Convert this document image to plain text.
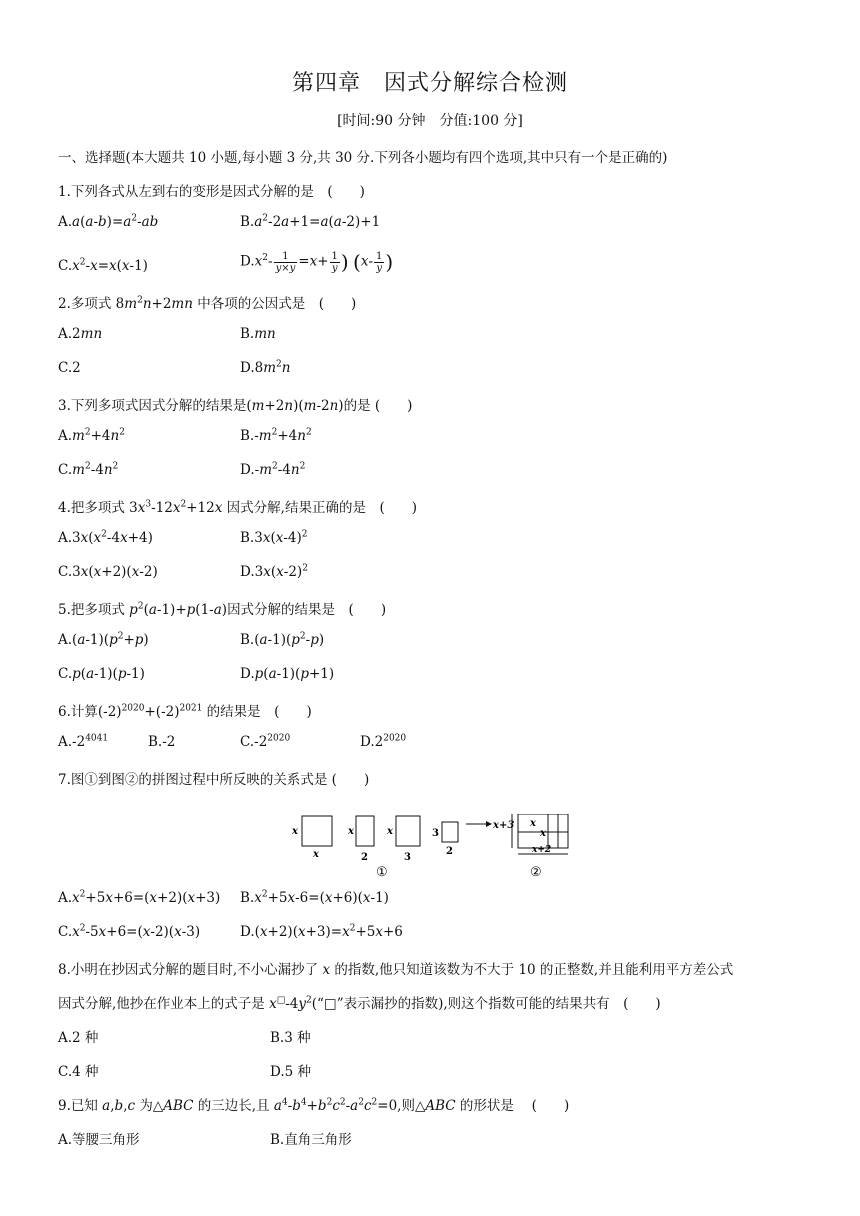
第四章　因式分解综合检测
[时间:90 分钟　分值:100 分]
一、选择题(本大题共 10 小题,每小题 3 分,共 30 分.下列各小题均有四个选项,其中只有一个是正确的)
1.下列各式从左到右的变形是因式分解的是　(　　)
$A.a(a-b)=a^2-ab$	$B.a^2-2a+1=a(a-2)+1$
$C.x^2-x=x(x-1)$	$D.x^2- \frac{1}{y\times y} =x+ \frac{1}{y}$ ) ($x- \frac{1}{y}$ )
2.多项式 $8m^2n+2mn$ 中各项的公因式是　(　　)
A.2mn	B.mn
C.2	$D.8m^2n$
3.下列多项式因式分解的结果是(m+2n)(m-2n)的是 (　　)
$A.m^2+4n^2$	$B.-m^2+4n^2$
$C.m^2-4n^2$	$D.-m^2-4n^2$
4.把多项式 $3x^3-12x^2+12x$ 因式分解,结果正确的是　(　　)
$A.3x(x^2-4x+4)$	$B.3x(x-4)^2$
C.3x(x+2)(x-2)	$D.3x(x-2)^2$
5.把多项式 $p^2(a-1)+p(1-a)$因式分解的结果是　(　　)
$A.(a-1)(p^2+p)$	$B.(a-1)(p^2-p)$
C.p(a-1)(p-1)	D.p(a-1)(p+1)
6.计算$(-2)^{2020}+(-2)^{2021}$ 的结果是　(　　)
$A.-2^{4041}$	B.-2	$C.-2^{2020}$	$D.2^{2020}$
7.图①到图②的拼图过程中所反映的关系式是 (　　)
x
x
x
2
x
3
3
2
x+3 x
x
x+2
①	②
$A.x^2+5x+6=(x+2)(x+3)$ $B.x^2+5x-6=(x+6)(x-1)$
$C.x^2-5x+6=(x-2)(x-3)$	$D.(x+2)(x+3)=x^2+5x+6$
8.小明在抄因式分解的题目时,不小心漏抄了 x 的指数,他只知道该数为不大于 10 的正整数,并且能利用平方差公式
因式分解,他抄在作业本上的式子是 $x^□-4y^2(“□$”表示漏抄的指数),则这个指数可能的结果共有　(　　)
A.2 种	B.3 种
C.4 种	D.5 种
9.已知 a,b,c 为△ABC 的三边长,且 $a^4-b^4+b^2c^2-a^2c^2=0$,则△ABC 的形状是　 (　　)
A.等腰三角形	B.直角三角形
